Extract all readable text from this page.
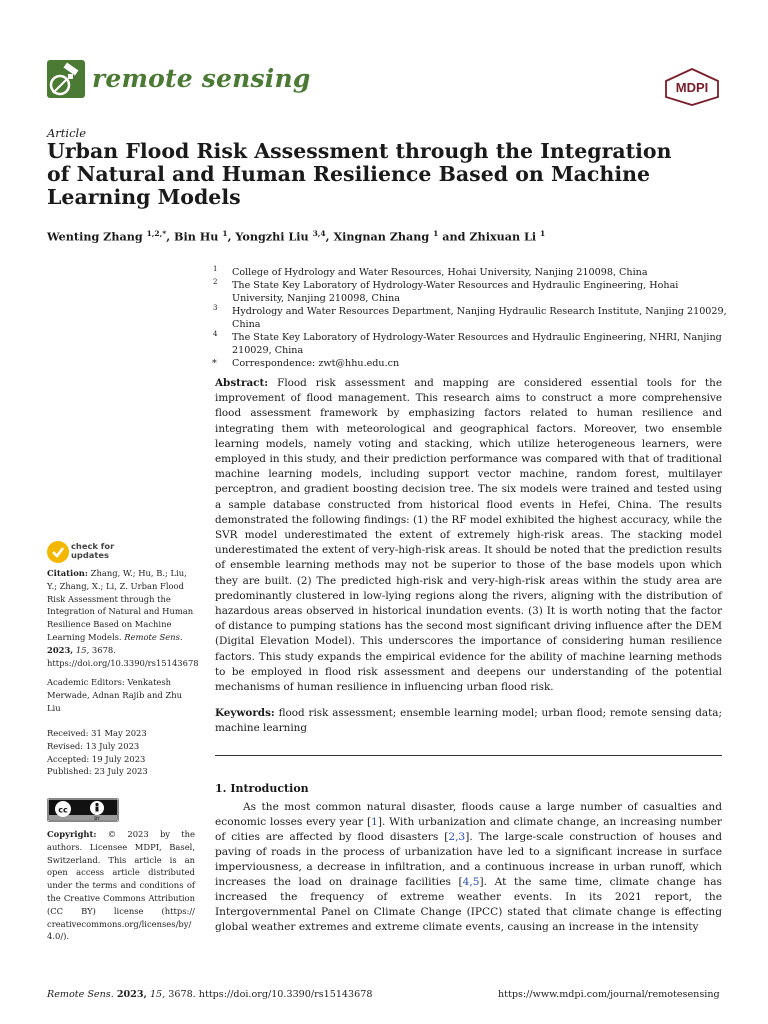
remote sensing	MDPI
Article
Urban Flood Risk Assessment through the Integration of Natural and Human Resilience Based on Machine Learning Models
Wenting Zhang $^{1,2,*}$, Bin Hu $^1$, Yongzhi Liu $^{3,4}$, Xingnan Zhang $^1$ and Zhixuan Li $^1$
1 College of Hydrology and Water Resources, Hohai University, Nanjing 210098, China
2 The State Key Laboratory of Hydrology-Water Resources and Hydraulic Engineering, Hohai University, Nanjing 210098, China
3 Hydrology and Water Resources Department, Nanjing Hydraulic Research Institute, Nanjing 210029, China
4 The State Key Laboratory of Hydrology-Water Resources and Hydraulic Engineering, NHRI, Nanjing 210029, China
* Correspondence: zwt@hhu.edu.cn

Abstract: Flood risk assessment and mapping are considered essential tools for the improvement of flood management. This research aims to construct a more comprehensive flood assessment framework by emphasizing factors related to human resilience and integrating them with meteorological and geographical factors. Moreover, two ensemble learning models, namely voting and stacking, which utilize heterogeneous learners, were employed in this study, and their prediction performance was compared with that of traditional machine learning models, including support vector machine, random forest, multilayer perceptron, and gradient boosting decision tree. The six models were trained and tested using a sample database constructed from historical flood events in Hefei, China. The results demonstrated the following findings: (1) the RF model exhibited the highest accuracy, while the SVR model underestimated the extent of extremely high-risk areas. The stacking model underestimated the extent of very-high-risk areas. It should be noted that the prediction results of ensemble learning methods may not be superior to those of the base models upon which they are built. (2) The predicted high-risk and very-high-risk areas within the study area are predominantly clustered in low-lying regions along the rivers, aligning with the distribution of hazardous areas observed in historical inundation events. (3) It is worth noting that the factor of distance to pumping stations has the second most significant driving influence after the DEM (Digital Elevation Model). This underscores the importance of considering human resilience factors. This study expands the empirical evidence for the ability of machine learning methods to be employed in flood risk assessment and deepens our understanding of the potential mechanisms of human resilience in influencing urban flood risk.

Keywords: flood risk assessment; ensemble learning model; urban flood; remote sensing data; machine learning

1. Introduction

As the most common natural disaster, floods cause a large number of casualties and economic losses every year [1]. With urbanization and climate change, an increasing number of cities are affected by flood disasters [2,3]. The large-scale construction of houses and paving of roads in the process of urbanization have led to a significant increase in surface imperviousness, a decrease in infiltration, and a continuous increase in urban runoff, which increases the load on drainage facilities [4,5]. At the same time, climate change has increased the frequency of extreme weather events. In its 2021 report, the Intergovernmental Panel on Climate Change (IPCC) stated that climate change is effecting global weather extremes and extreme climate events, causing an increase in the intensity

check for
updates
Citation: Zhang, W.; Hu, B.; Liu, Y.; Zhang, X.; Li, Z. Urban Flood Risk Assessment through the Integration of Natural and Human Resilience Based on Machine Learning Models. Remote Sens. 2023, 15, 3678. https://doi.org/10.3390/rs15143678
Academic Editors: Venkatesh Merwade, Adnan Rajib and Zhu Liu
Received: 31 May 2023
Revised: 13 July 2023
Accepted: 19 July 2023
Published: 23 July 2023
cc
BY
Copyright: © 2023 by the authors. Licensee MDPI, Basel, Switzerland. This article is an open access article distributed under the terms and conditions of the Creative Commons Attribution (CC BY) license (https:// creativecommons.org/licenses/by/ 4.0/).
Remote Sens. 2023, 15, 3678. https://doi.org/10.3390/rs15143678	https://www.mdpi.com/journal/remotesensing
